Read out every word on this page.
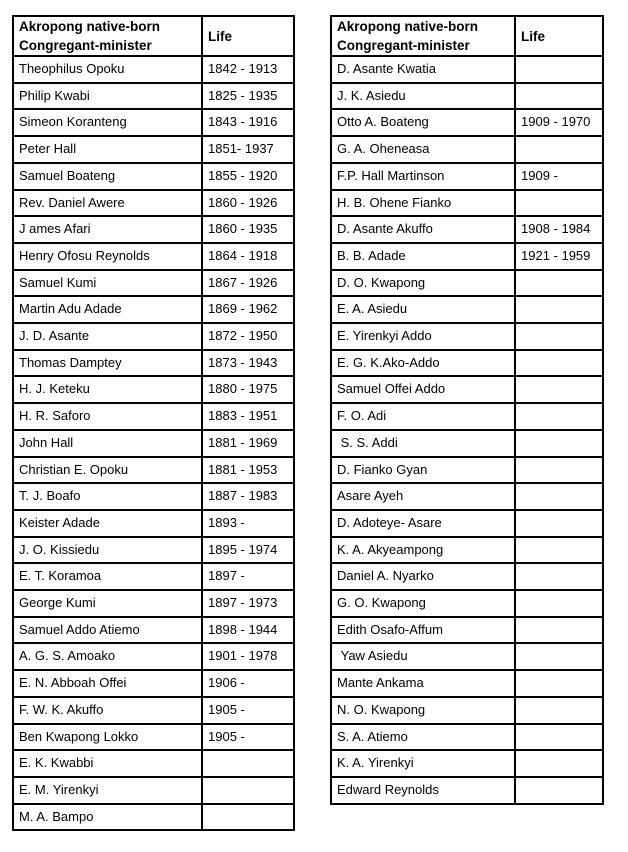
Akropong native-born
Congregant-minister	Life
Theophilus Opoku	1842 - 1913
Philip Kwabi	1825 - 1935
Simeon Koranteng	1843 - 1916
Peter Hall	1851- 1937
Samuel Boateng	1855 - 1920
Rev. Daniel Awere	1860 - 1926
J ames Afari	1860 - 1935
Henry Ofosu Reynolds	1864 - 1918
Samuel Kumi	1867 - 1926
Martin Adu Adade	1869 - 1962
J. D. Asante	1872 - 1950
Thomas Damptey	1873 - 1943
H. J. Keteku	1880 - 1975
H. R. Saforo	1883 - 1951
John Hall	1881 - 1969
Christian E. Opoku	1881 - 1953
T. J. Boafo	1887 - 1983
Keister Adade	1893 -
J. O. Kissiedu	1895 - 1974
E. T. Koramoa	1897 -
George Kumi	1897 - 1973
Samuel Addo Atiemo	1898 - 1944
A. G. S. Amoako	1901 - 1978
E. N. Abboah Offei	1906 -
F. W. K. Akuffo	1905 -
Ben Kwapong Lokko	1905 -
E. K. Kwabbi	
E. M. Yirenkyi	
M. A. Bampo	
Akropong native-born
Congregant-minister	Life
D. Asante Kwatia	
J. K. Asiedu	
Otto A. Boateng	1909 - 1970
G. A. Oheneasa	
F.P. Hall Martinson	1909 -
H. B. Ohene Fianko	
D. Asante Akuffo	1908 - 1984
B. B. Adade	1921 - 1959
D. O. Kwapong	
E. A. Asiedu	
E. Yirenkyi Addo	
E. G. K.Ako-Addo	
Samuel Offei Addo	
F. O. Adi	
S. S. Addi	
D. Fianko Gyan	
Asare Ayeh	
D. Adoteye- Asare	
K. A. Akyeampong	
Daniel A. Nyarko	
G. O. Kwapong	
Edith Osafo-Affum	
Yaw Asiedu	
Mante Ankama	
N. O. Kwapong	
S. A. Atiemo	
K. A. Yirenkyi	
Edward Reynolds	
